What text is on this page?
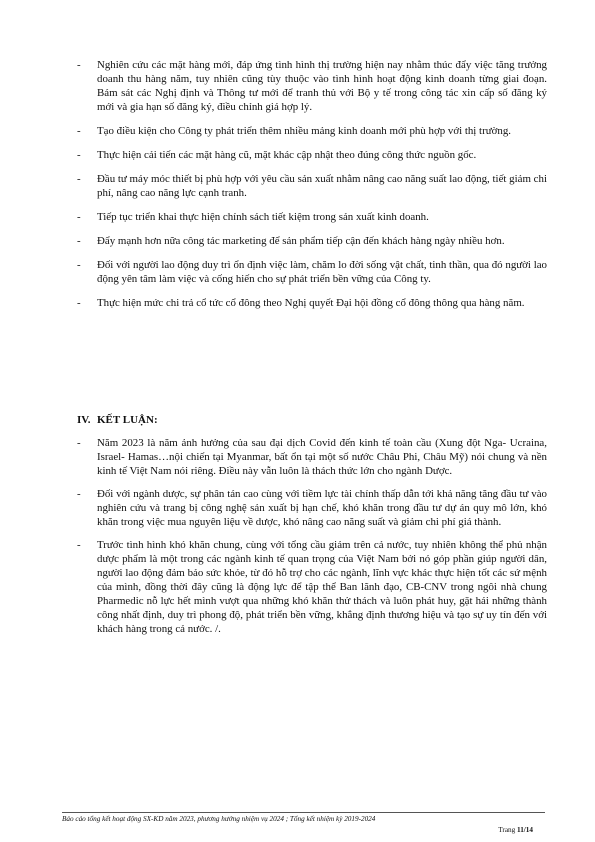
- Nghiên cứu các mặt hàng mới, đáp ứng tình hình thị trường hiện nay nhằm thúc đẩy việc tăng trưởng doanh thu hàng năm, tuy nhiên cũng tùy thuộc vào tình hình hoạt động kinh doanh từng giai đoạn. Bám sát các Nghị định và Thông tư mới để tranh thủ với Bộ y tế trong công tác xin cấp số đăng ký mới và gia hạn số đăng ký, điều chỉnh giá hợp lý.
- Tạo điều kiện cho Công ty phát triển thêm nhiều mảng kinh doanh mới phù hợp với thị trường.
- Thực hiện cải tiến các mặt hàng cũ, mặt khác cập nhật theo đúng công thức nguồn gốc.
- Đầu tư máy móc thiết bị phù hợp với yêu cầu sản xuất nhằm nâng cao năng suất lao động, tiết giảm chi phí, nâng cao năng lực cạnh tranh.
- Tiếp tục triển khai thực hiện chính sách tiết kiệm trong sản xuất kinh doanh.
- Đẩy mạnh hơn nữa công tác marketing để sản phẩm tiếp cận đến khách hàng ngày nhiều hơn.
- Đối với người lao động duy trì ổn định việc làm, chăm lo đời sống vật chất, tinh thần, qua đó người lao động yên tâm làm việc và cống hiến cho sự phát triển bền vững của Công ty.
- Thực hiện mức chi trả cổ tức cổ đông theo Nghị quyết Đại hội đồng cổ đông thông qua hàng năm.
IV. KẾT LUẬN:
- Năm 2023 là năm ảnh hưởng của sau đại dịch Covid đến kinh tế toàn cầu (Xung đột Nga- Ucraina, Israel- Hamas…nội chiến tại Myanmar, bất ổn tại một số nước Châu Phi, Châu Mỹ) nói chung và nền kinh tế Việt Nam nói riêng. Điều này vẫn luôn là thách thức lớn cho ngành Dược.
- Đối với ngành dược, sự phân tán cao cùng với tiềm lực tài chính thấp dẫn tới khả năng tăng đầu tư vào nghiên cứu và trang bị công nghệ sản xuất bị hạn chế, khó khăn trong đầu tư dự án quy mô lớn, khó khăn trong việc mua nguyên liệu về dược, khó nâng cao năng suất và giảm chi phí giá thành.
- Trước tình hình khó khăn chung, cùng với tổng cầu giảm trên cả nước, tuy nhiên không thể phủ nhận dược phẩm là một trong các ngành kinh tế quan trọng của Việt Nam bởi nó góp phần giúp người dân, người lao động đảm bảo sức khỏe, từ đó hỗ trợ cho các ngành, lĩnh vực khác thực hiện tốt các sứ mệnh của mình, đồng thời đây cũng là động lực để tập thể Ban lãnh đạo, CB-CNV trong ngôi nhà chung Pharmedic nỗ lực hết mình vượt qua những khó khăn thử thách và luôn phát huy, gặt hái những thành công nhất định, duy trì phong độ, phát triển bền vững, khẳng định thương hiệu và tạo sự uy tín đến với khách hàng trong cả nước. /.
Báo cáo tổng kết hoạt động SX-KD năm 2023, phương hướng nhiệm vụ 2024 ; Tổng kết nhiệm kỳ 2019-2024
Trang 11/14
